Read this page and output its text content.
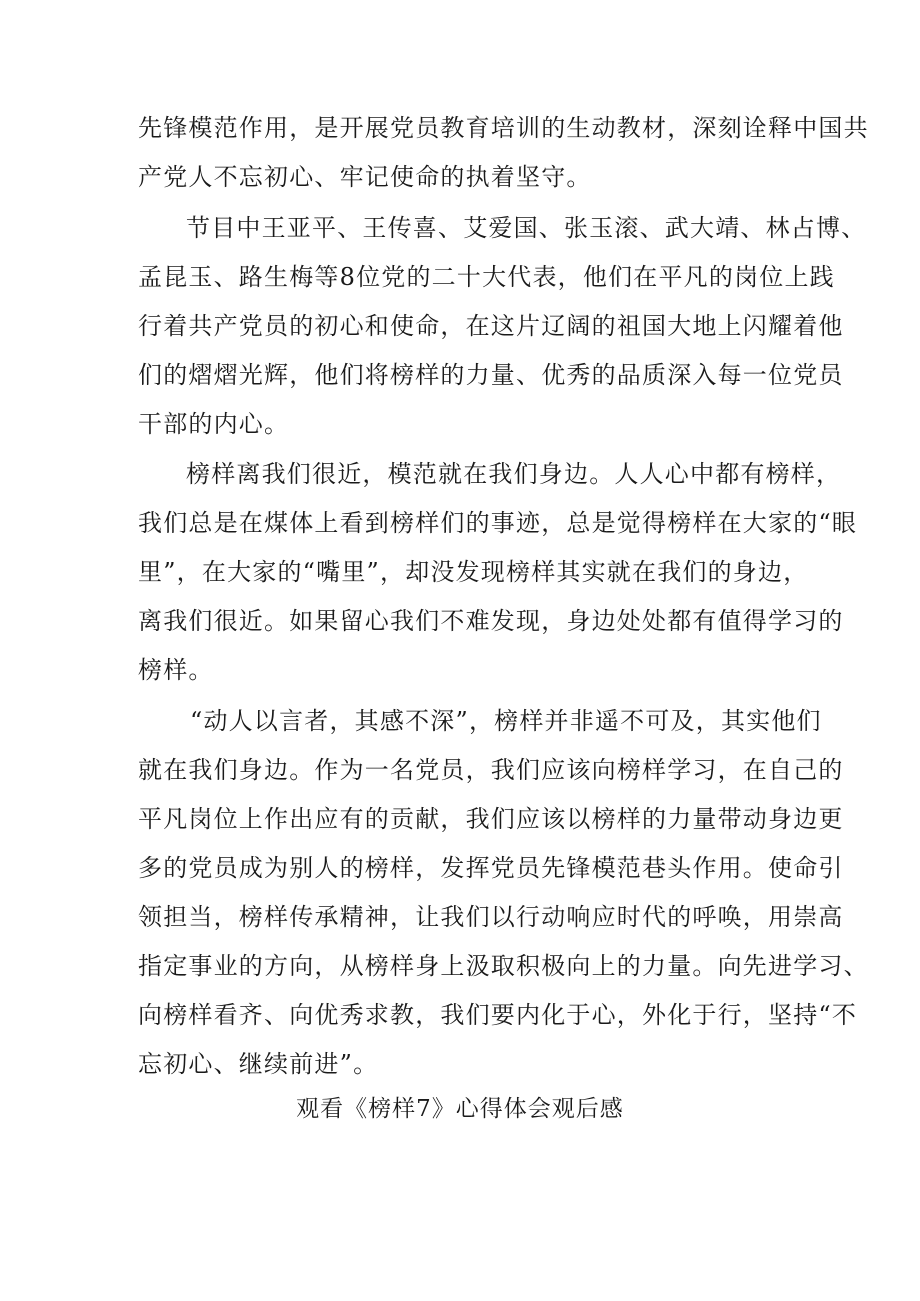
先锋模范作用，是开展党员教育培训的生动教材，深刻诠释中国共
产党人不忘初心、牢记使命的执着坚守。
节目中王亚平、王传喜、艾爱国、张玉滚、武大靖、林占博、
孟昆玉、路生梅等8位党的二十大代表，他们在平凡的岗位上践
行着共产党员的初心和使命，在这片辽阔的祖国大地上闪耀着他
们的熠熠光辉，他们将榜样的力量、优秀的品质深入每一位党员
干部的内心。
榜样离我们很近，模范就在我们身边。人人心中都有榜样，
我们总是在煤体上看到榜样们的事迹，总是觉得榜样在大家的“眼
里”，在大家的“嘴里”，却没发现榜样其实就在我们的身边，
离我们很近。如果留心我们不难发现，身边处处都有值得学习的
榜样。
“动人以言者，其感不深”，榜样并非遥不可及，其实他们
就在我们身边。作为一名党员，我们应该向榜样学习，在自己的
平凡岗位上作出应有的贡献，我们应该以榜样的力量带动身边更
多的党员成为别人的榜样，发挥党员先锋模范巷头作用。使命引
领担当，榜样传承精神，让我们以行动响应时代的呼唤，用崇高
指定事业的方向，从榜样身上汲取积极向上的力量。向先进学习、
向榜样看齐、向优秀求教，我们要内化于心，外化于行，坚持“不
忘初心、继续前进”。
观看《榜样7》心得体会观后感
